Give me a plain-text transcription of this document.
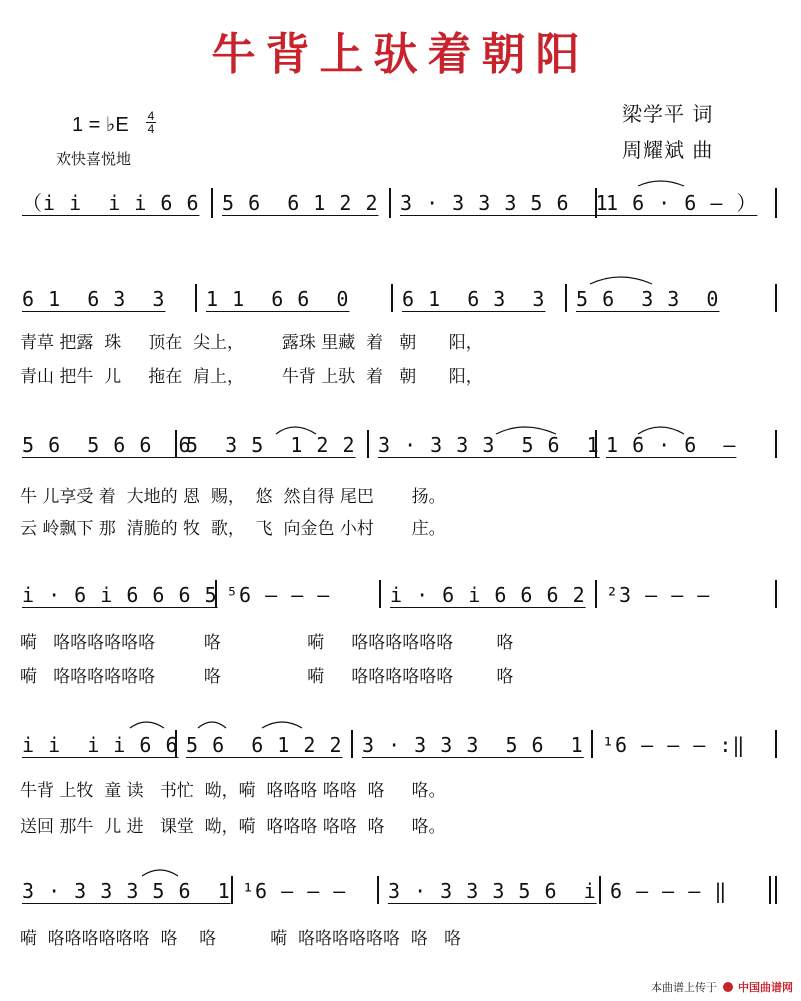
牛背上驮着朝阳
1 = ♭E 4
4
欢快喜悦地
梁学平 词
周耀斌 曲
（i i  i i 6 6 5 6  6 1 2 2 3 · 3 3 3 5 6  1
1 6 · 6 – ）
6 1  6 3  3 1 1  6 6  0	6 1  6 3  3 5 6  3 3  0
青草 把露  珠     顶在  尖上，       露珠 里藏  着   朝      阳，
青山 把牛  儿     拖在  肩上，       牛背 上驮  着   朝      阳，
5 6  5 6 6  6
5  3 5  1 2 2 3 · 3 3 3  5 6  1 1 6 · 6  –
牛 儿享受 着  大地的 恩  赐，  悠  然自得 尾巴       扬。
云 岭飘下 那  清脆的 牧  歌，  飞  向金色 小村       庄。
i · 6 i 6 6 6 5 ⁵6 – – –	i · 6 i 6 6 6 2 ²3 – – –
嗬   咯咯咯咯咯咯         咯                嗬     咯咯咯咯咯咯        咯
嗬   咯咯咯咯咯咯         咯                嗬     咯咯咯咯咯咯        咯
i i  i i 6 6 5 6  6 1 2 2 3 · 3 3 3  5 6  1 ¹6 – – – :‖
牛背 上牧  童 读   书忙  呦，嗬  咯咯咯 咯咯  咯     咯。
送回 那牛  儿 进   课堂  呦，嗬  咯咯咯 咯咯  咯     咯。
3 · 3 3 3 5 6  1 ¹6 – – – 3 · 3 3 3 5 6  i 6 – – – ‖
嗬  咯咯咯咯咯咯  咯    咯          嗬  咯咯咯咯咯咯  咯   咯
本曲谱上传于 中国曲谱网
